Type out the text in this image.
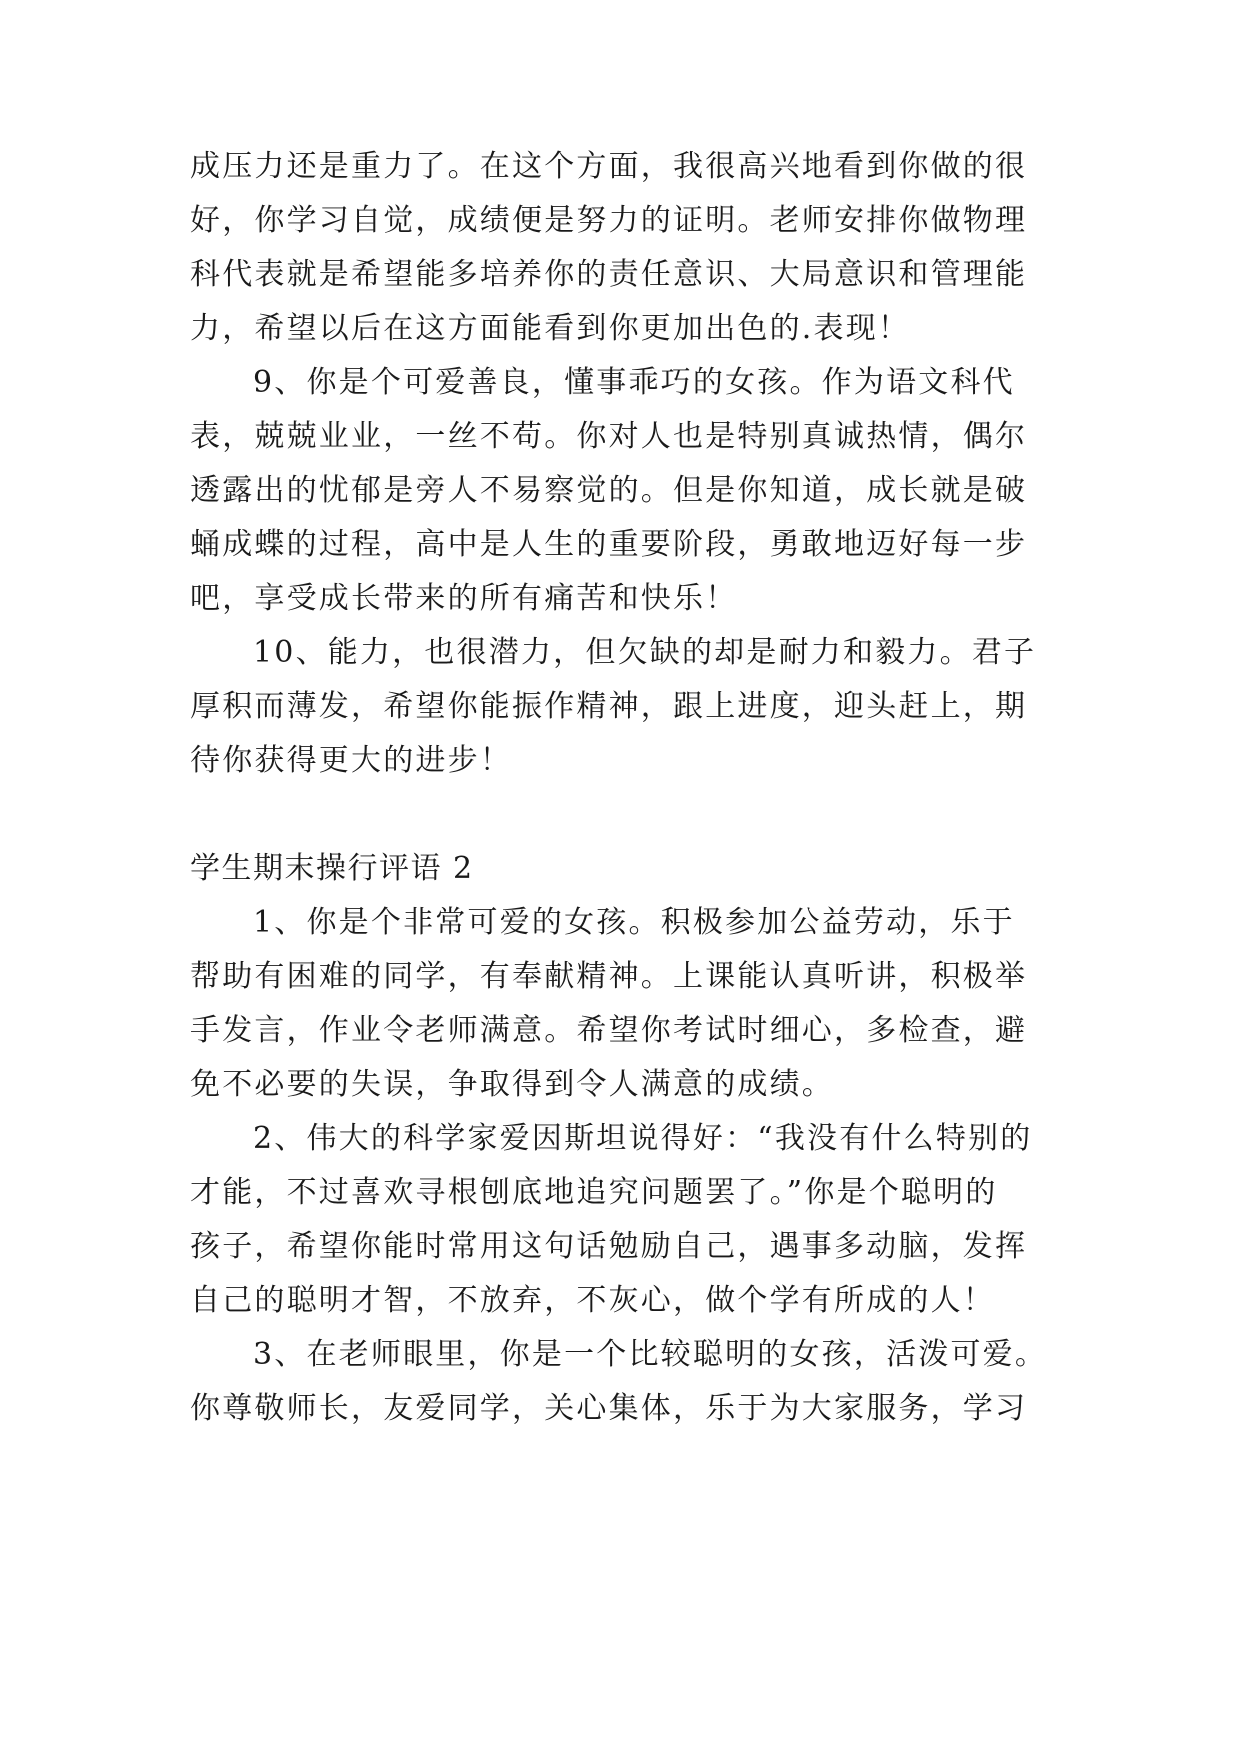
成压力还是重力了。在这个方面，我很高兴地看到你做的很
好，你学习自觉，成绩便是努力的证明。老师安排你做物理
科代表就是希望能多培养你的责任意识、大局意识和管理能
力，希望以后在这方面能看到你更加出色的.表现！
9、你是个可爱善良，懂事乖巧的女孩。作为语文科代
表，兢兢业业，一丝不苟。你对人也是特别真诚热情，偶尔
透露出的忧郁是旁人不易察觉的。但是你知道，成长就是破
蛹成蝶的过程，高中是人生的重要阶段，勇敢地迈好每一步
吧，享受成长带来的所有痛苦和快乐！
10、能力，也很潜力，但欠缺的却是耐力和毅力。君子
厚积而薄发，希望你能振作精神，跟上进度，迎头赶上，期
待你获得更大的进步！
学生期末操行评语 2
1、你是个非常可爱的女孩。积极参加公益劳动，乐于
帮助有困难的同学，有奉献精神。上课能认真听讲，积极举
手发言，作业令老师满意。希望你考试时细心，多检查，避
免不必要的失误，争取得到令人满意的成绩。
2、伟大的科学家爱因斯坦说得好：“我没有什么特别的
才能，不过喜欢寻根刨底地追究问题罢了。”你是个聪明的
孩子，希望你能时常用这句话勉励自己，遇事多动脑，发挥
自己的聪明才智，不放弃，不灰心，做个学有所成的人！
3、在老师眼里，你是一个比较聪明的女孩，活泼可爱。
你尊敬师长，友爱同学，关心集体，乐于为大家服务，学习
